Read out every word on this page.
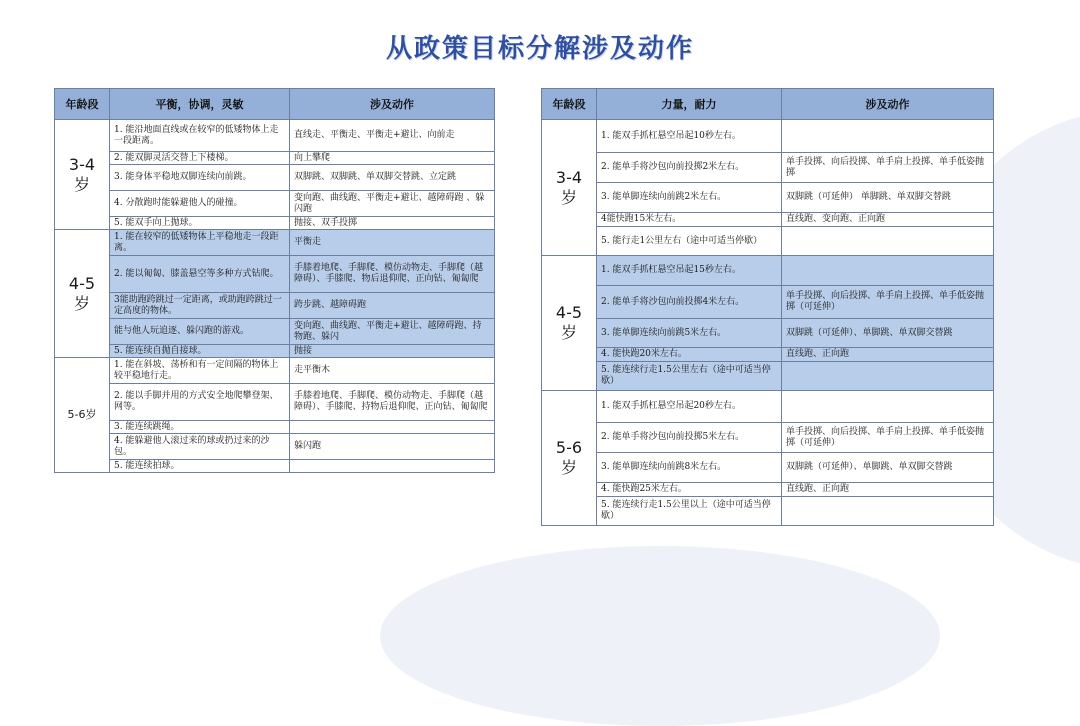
从政策目标分解涉及动作
年龄段	平衡，协调，灵敏	涉及动作
3-4
岁	1. 能沿地面直线或在较窄的低矮物体上走一段距离。	直线走、平衡走、平衡走+避让、向前走
	2. 能双脚灵活交替上下楼梯。	向上攀爬
	3. 能身体平稳地双脚连续向前跳。	双脚跳、双脚跳、单双脚交替跳、立定跳
	4. 分散跑时能躲避他人的碰撞。	变向跑、曲线跑、平衡走+避让、越障碍跑 、躲闪跑
	5. 能双手向上抛球。	抛接、双手投掷
4-5
岁	1. 能在较窄的低矮物体上平稳地走一段距离。	平衡走
	2. 能以匍匐、膝盖悬空等多种方式钻爬。	手膝着地爬、手脚爬、模仿动物走、手脚爬（越障碍）、手膝爬、物后退仰爬、正向钻、匍匐爬
	3能助跑跨跳过一定距离，或助跑跨跳过一定高度的物体。	跨步跳、越障碍跑
	能与他人玩追逐、躲闪跑的游戏。	变向跑、曲线跑、平衡走+避让、越障碍跑、持物跑、躲闪
	5. 能连续自抛自接球。	抛接
5-6岁	1. 能在斜坡、荡桥和有一定间隔的物体上较平稳地行走。	走平衡木
	2. 能以手脚并用的方式安全地爬攀登架、网等。	手膝着地爬、手脚爬、模仿动物走、手脚爬（越障碍）、手膝爬、持物后退仰爬、正向钻、匍匐爬
	3. 能连续跳绳。	
	4. 能躲避他人滚过来的球或扔过来的沙包。	躲闪跑
	5. 能连续拍球。	
年龄段	力量，耐力	涉及动作
3-4
岁	1. 能双手抓杠悬空吊起10秒左右。	
	2. 能单手将沙包向前投掷2米左右。	单手投掷、向后投掷、单手肩上投掷、单手低姿抛掷
	3. 能单脚连续向前跳2米左右。	双脚跳（可延伸） 单脚跳、单双脚交替跳
	4能快跑15米左右。	直线跑、变向跑、正向跑
	5. 能行走1公里左右（途中可适当停歇）	
4-5
岁	1. 能双手抓杠悬空吊起15秒左右。	
	2. 能单手将沙包向前投掷4米左右。	单手投掷、向后投掷、单手肩上投掷、单手低姿抛掷（可延伸）
	3. 能单脚连续向前跳5米左右。	双脚跳（可延伸）、单脚跳、单双脚交替跳
	4. 能快跑20米左右。	直线跑、正向跑
	5. 能连续行走1.5公里左右（途中可适当停歇）	
5-6
岁	1. 能双手抓杠悬空吊起20秒左右。	
	2. 能单手将沙包向前投掷5米左右。	单手投掷、向后投掷、单手肩上投掷、单手低姿抛掷（可延伸）
	3. 能单脚连续向前跳8米左右。	双脚跳（可延伸）、单脚跳、单双脚交替跳
	4. 能快跑25米左右。	直线跑、正向跑
	5. 能连续行走1.5公里以上（途中可适当停歇）	
